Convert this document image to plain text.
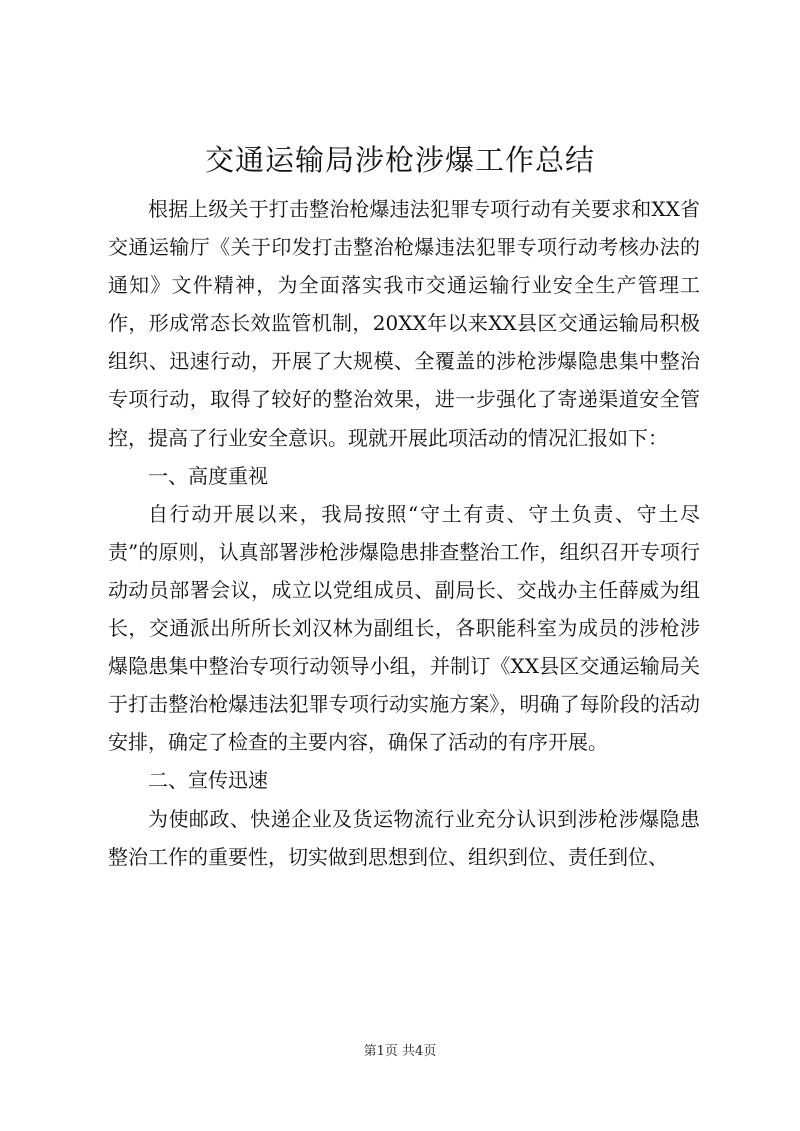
交通运输局涉枪涉爆工作总结

根据上级关于打击整治枪爆违法犯罪专项行动有关要求和XX省交通运输厅《关于印发打击整治枪爆违法犯罪专项行动考核办法的通知》文件精神，为全面落实我市交通运输行业安全生产管理工作，形成常态长效监管机制，20XX年以来XX县区交通运输局积极组织、迅速行动，开展了大规模、全覆盖的涉枪涉爆隐患集中整治专项行动，取得了较好的整治效果，进一步强化了寄递渠道安全管控，提高了行业安全意识。现就开展此项活动的情况汇报如下：

一、高度重视

自行动开展以来，我局按照“守土有责、守土负责、守土尽责”的原则，认真部署涉枪涉爆隐患排查整治工作，组织召开专项行动动员部署会议，成立以党组成员、副局长、交战办主任薛威为组长，交通派出所所长刘汉林为副组长，各职能科室为成员的涉枪涉爆隐患集中整治专项行动领导小组，并制订《XX县区交通运输局关于打击整治枪爆违法犯罪专项行动实施方案》，明确了每阶段的活动安排，确定了检查的主要内容，确保了活动的有序开展。

二、宣传迅速

为使邮政、快递企业及货运物流行业充分认识到涉枪涉爆隐患整治工作的重要性，切实做到思想到位、组织到位、责任到位、

第1页 共4页
